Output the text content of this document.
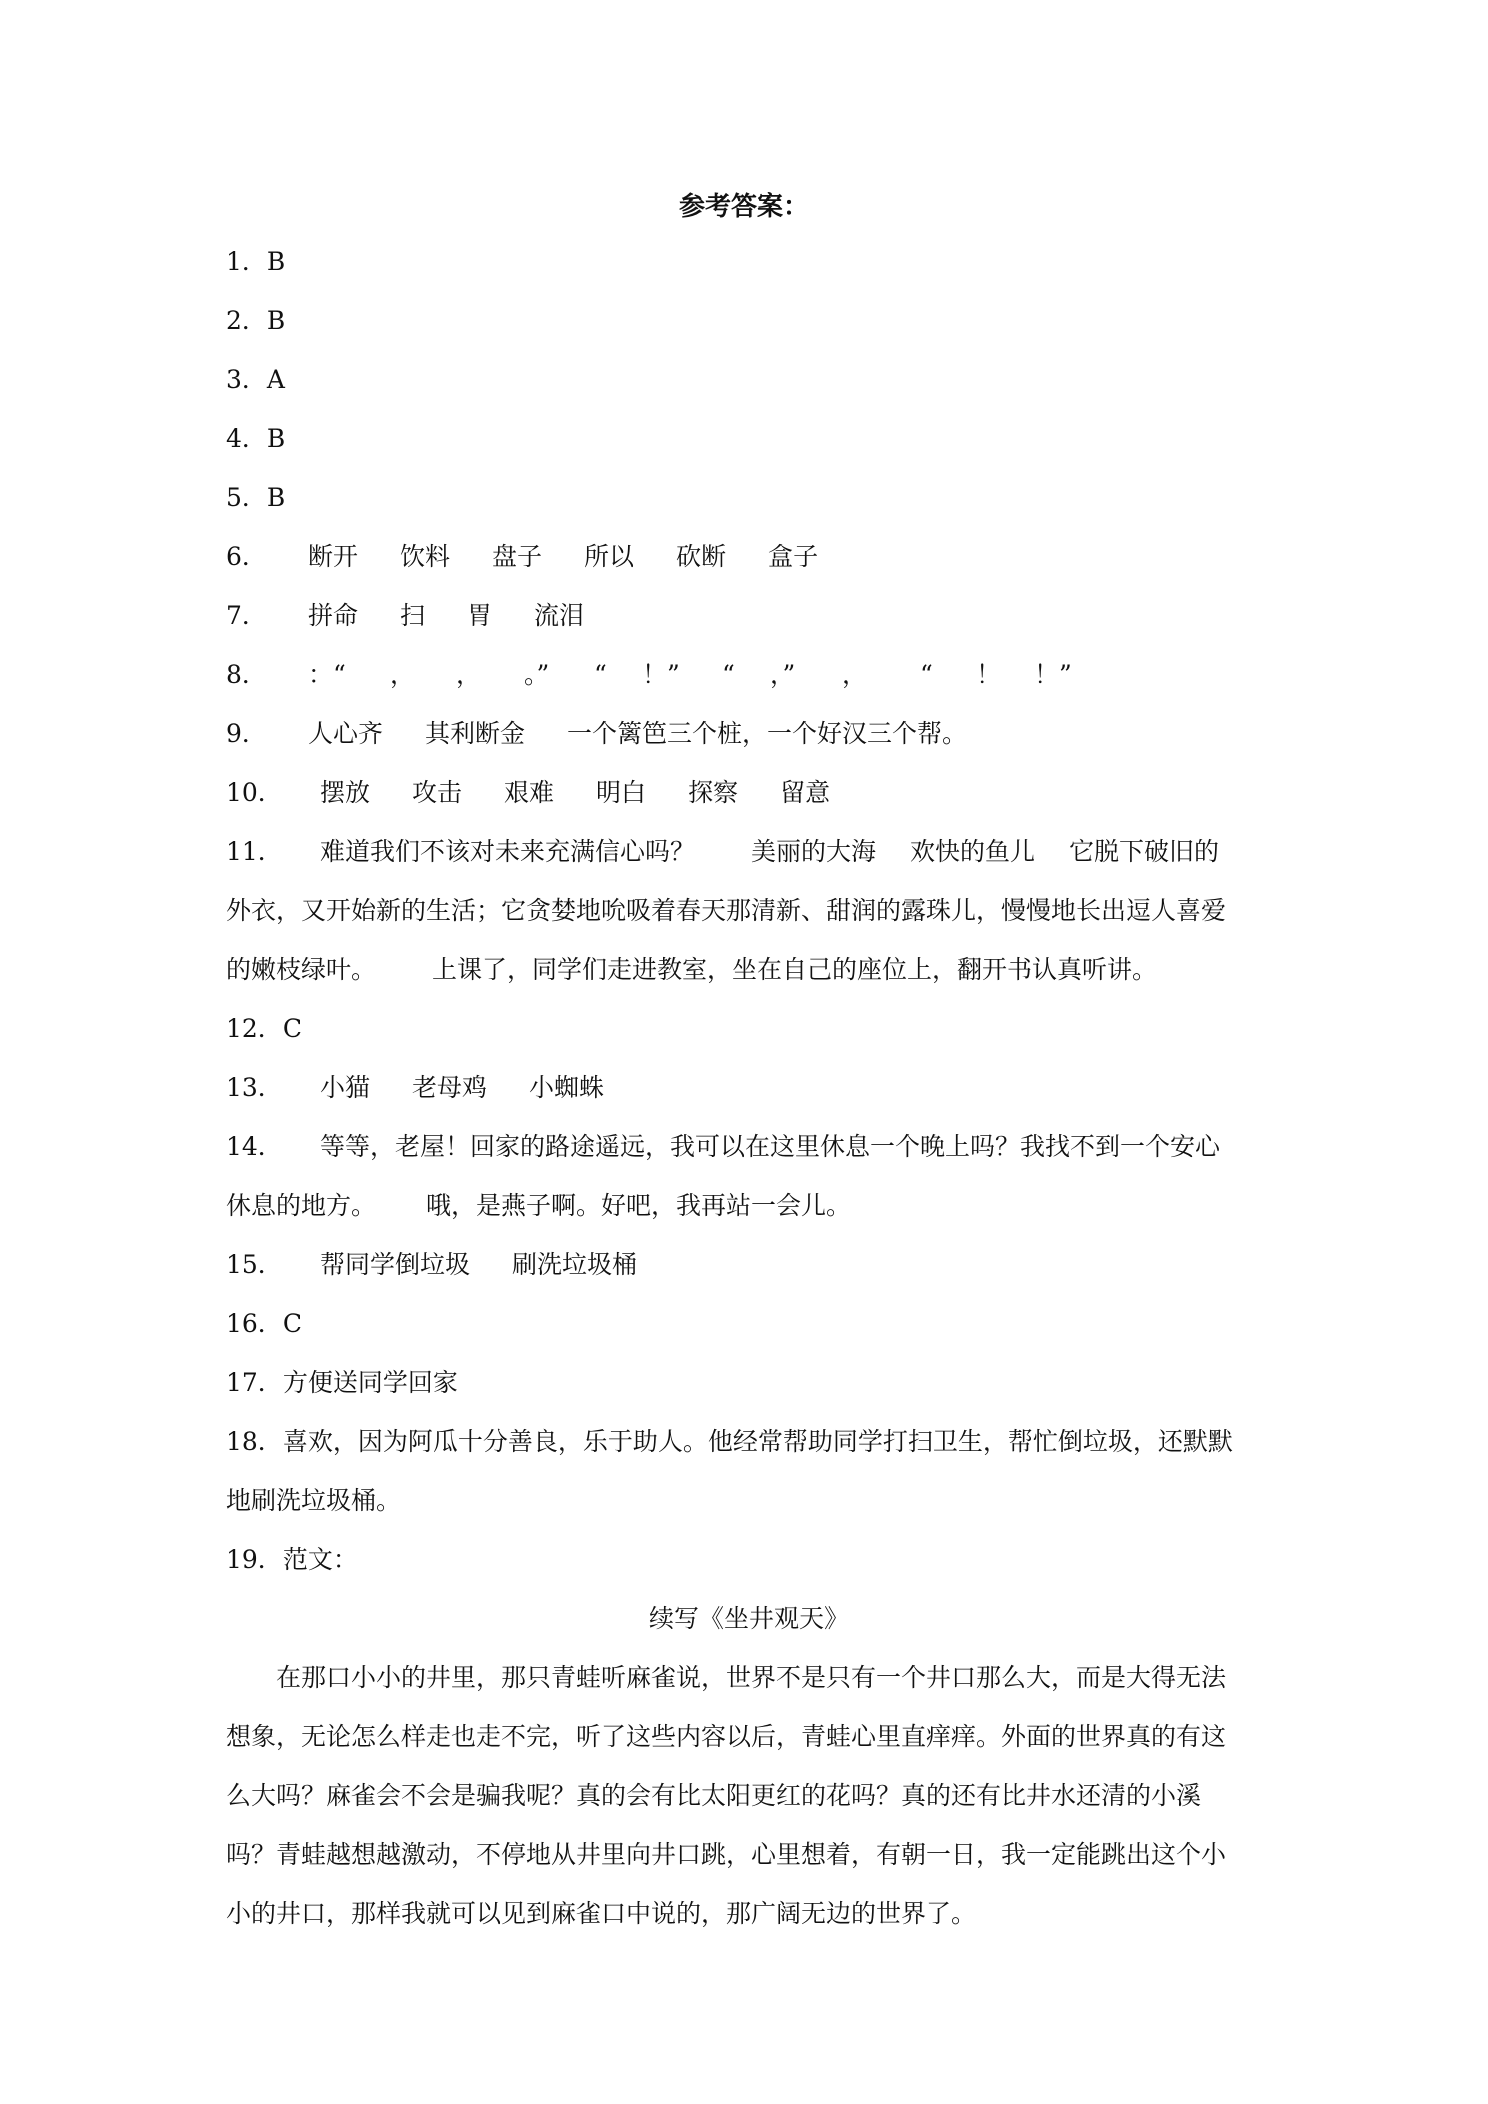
参考答案：
1．B
2．B
3．A
4．B
5．B
6． 断开 饮料 盘子 所以 砍断 盒子
7． 拼命 扫 胃 流泪
8． ：“ ， ， 。” “ ！” “ ，” ， “ ！ ！”
9． 人心齐 其利断金 一个篱笆三个桩，一个好汉三个帮。
10． 摆放 攻击 艰难 明白 探察 留意
11． 难道我们不该对未来充满信心吗？ 美丽的大海 欢快的鱼儿 它脱下破旧的
外衣，又开始新的生活；它贪婪地吮吸着春天那清新、甜润的露珠儿，慢慢地长出逗人喜爱
的嫩枝绿叶。 上课了，同学们走进教室，坐在自己的座位上，翻开书认真听讲。
12．C
13． 小猫 老母鸡 小蜘蛛
14． 等等，老屋！回家的路途遥远，我可以在这里休息一个晚上吗？我找不到一个安心
休息的地方。 哦，是燕子啊。好吧，我再站一会儿。
15． 帮同学倒垃圾 刷洗垃圾桶
16．C
17．方便送同学回家
18．喜欢，因为阿瓜十分善良，乐于助人。他经常帮助同学打扫卫生，帮忙倒垃圾，还默默
地刷洗垃圾桶。
19．范文：
续写《坐井观天》
在那口小小的井里，那只青蛙听麻雀说，世界不是只有一个井口那么大，而是大得无法
想象，无论怎么样走也走不完，听了这些内容以后，青蛙心里直痒痒。外面的世界真的有这
么大吗？麻雀会不会是骗我呢？真的会有比太阳更红的花吗？真的还有比井水还清的小溪
吗？青蛙越想越激动，不停地从井里向井口跳，心里想着，有朝一日，我一定能跳出这个小
小的井口，那样我就可以见到麻雀口中说的，那广阔无边的世界了。
